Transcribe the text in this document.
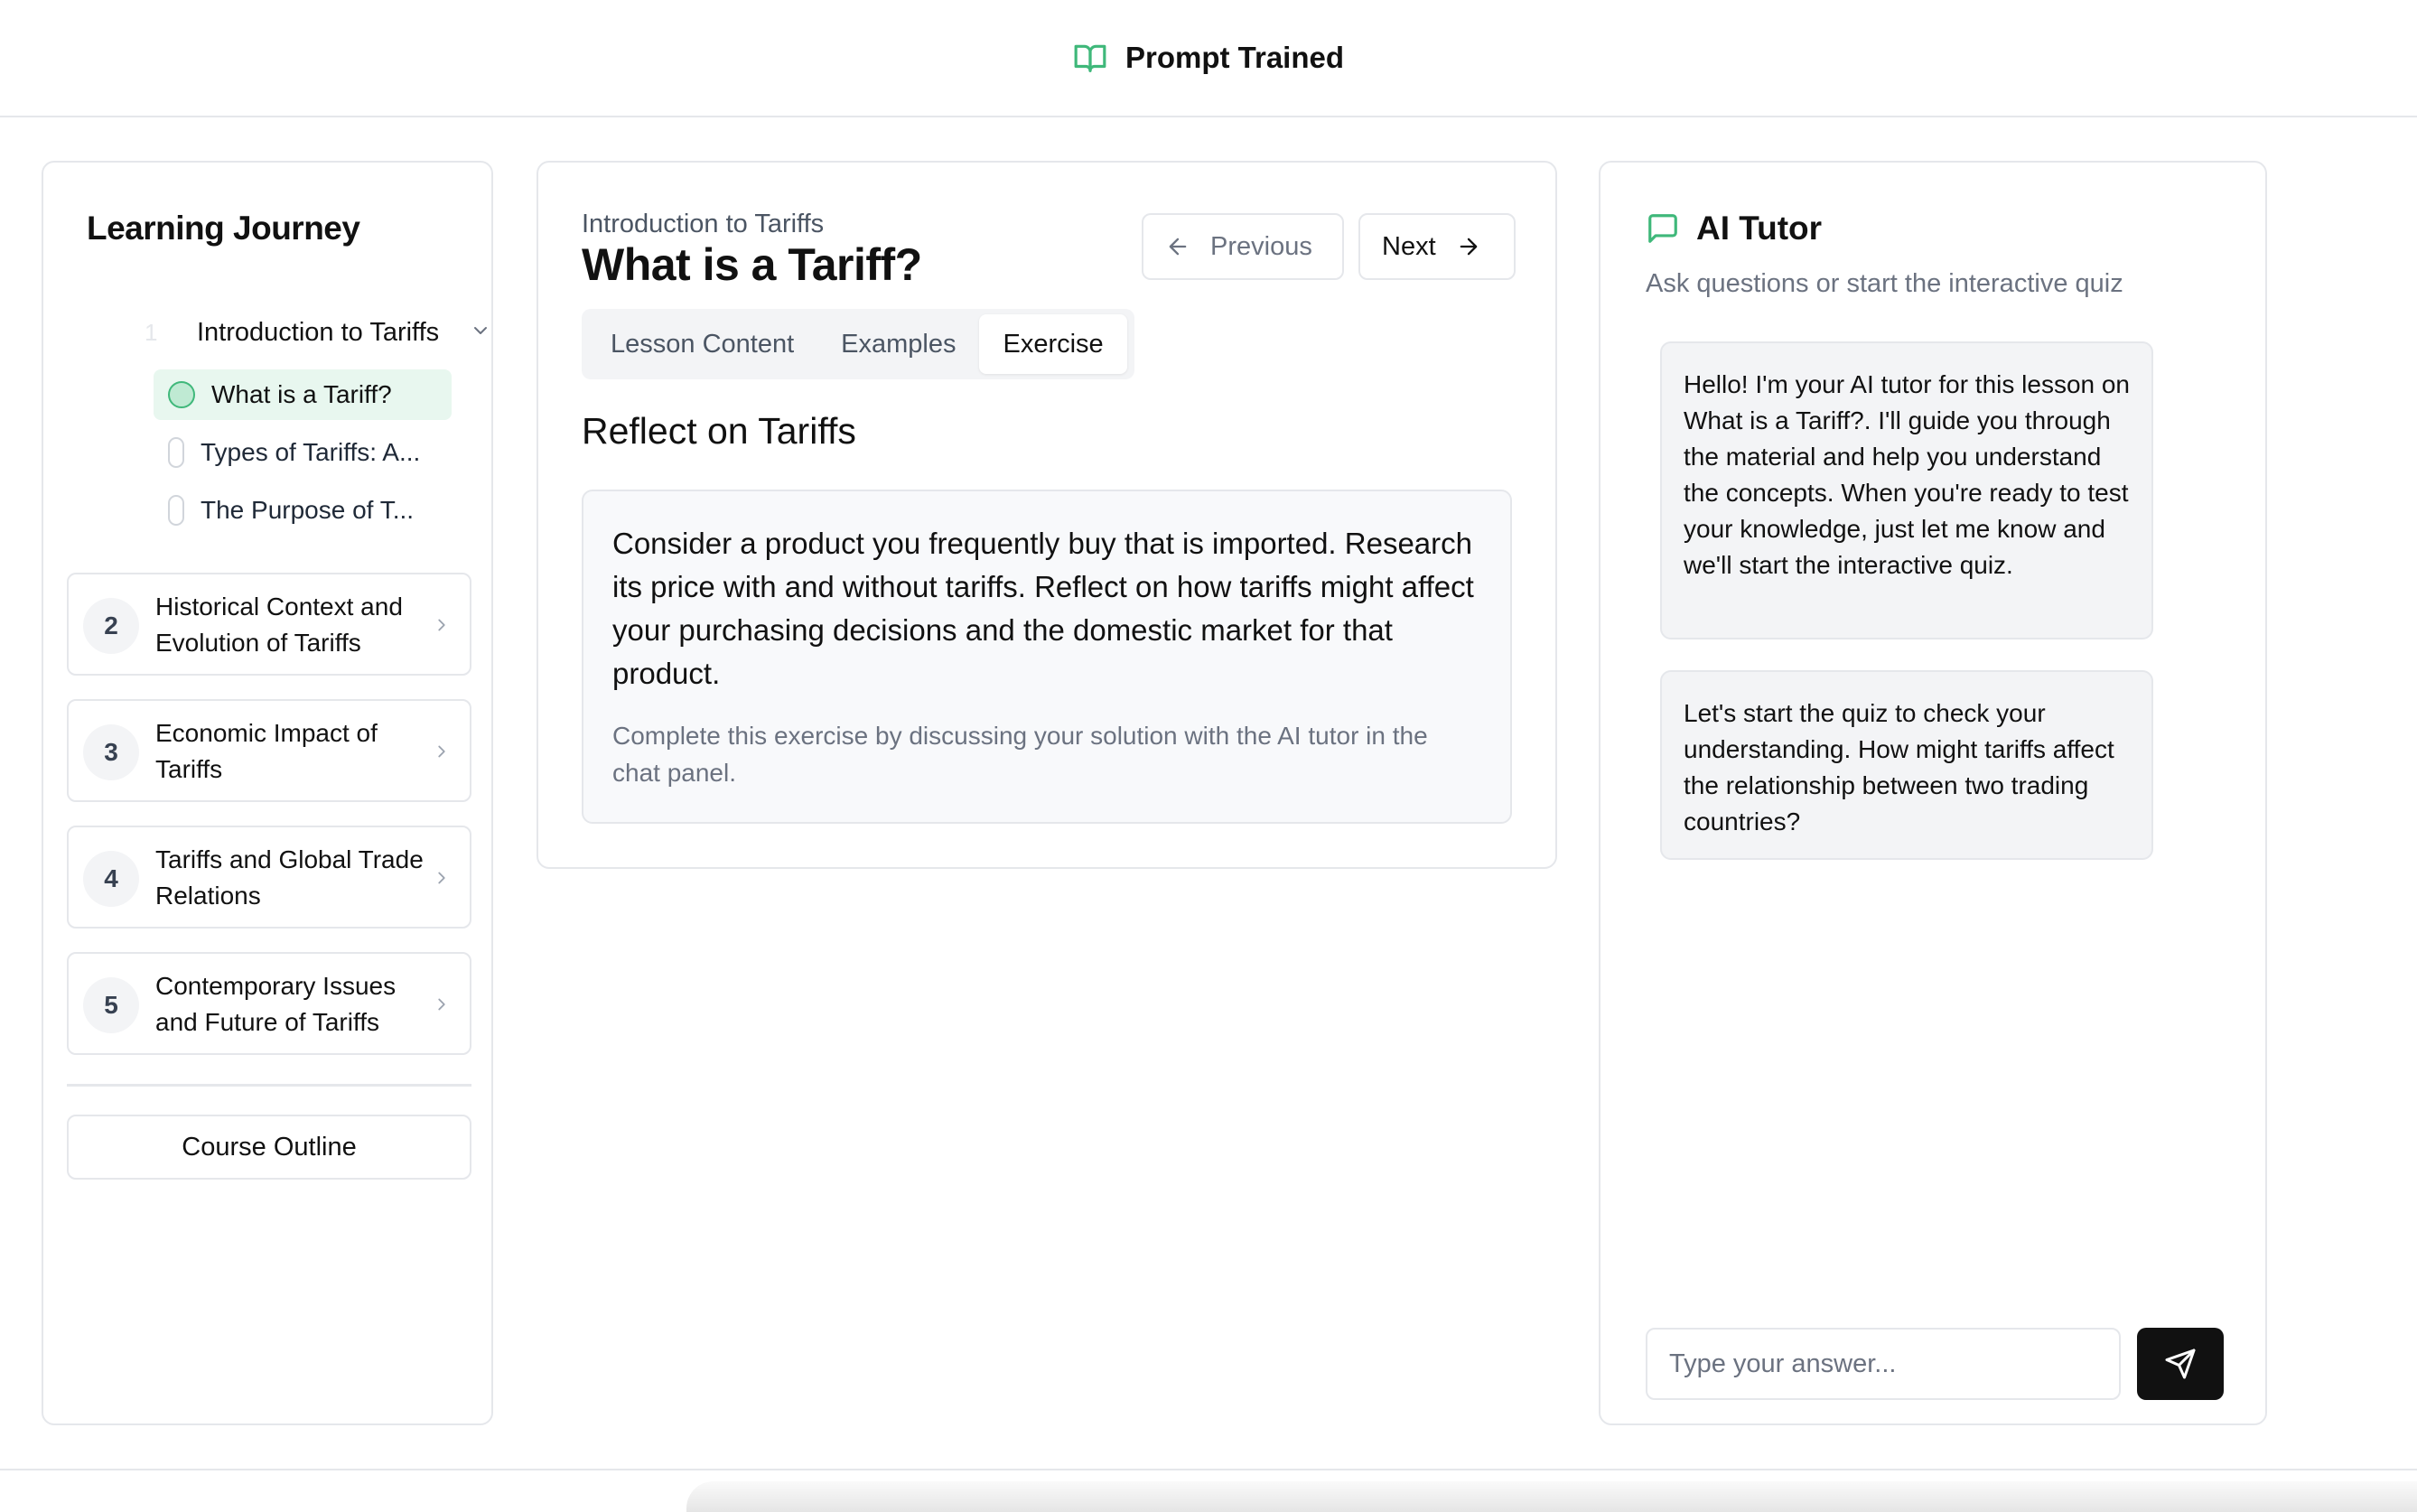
Prompt Trained
Learning Journey
1	Introduction to Tariffs
What is a Tariff?
Types of Tariffs: A...
The Purpose of T...
2
Historical Context and Evolution of Tariffs
3
Economic Impact of Tariffs
4
Tariffs and Global Trade Relations
5
Contemporary Issues and Future of Tariffs
Course Outline
Introduction to Tariffs
What is a Tariff?	Previous	Next
Lesson Content	Examples	Exercise
Reflect on Tariffs

Consider a product you frequently buy that is imported. Research its price with and without tariffs. Reflect on how tariffs might affect your purchasing decisions and the domestic market for that product.

Complete this exercise by discussing your solution with the AI tutor in the chat panel.

AI Tutor
Ask questions or start the interactive quiz
Hello! I'm your AI tutor for this lesson on What is a Tariff?. I'll guide you through the material and help you understand the concepts. When you're ready to test your knowledge, just let me know and we'll start the interactive quiz.
Let's start the quiz to check your understanding. How might tariffs affect the relationship between two trading countries?
Type your answer...
